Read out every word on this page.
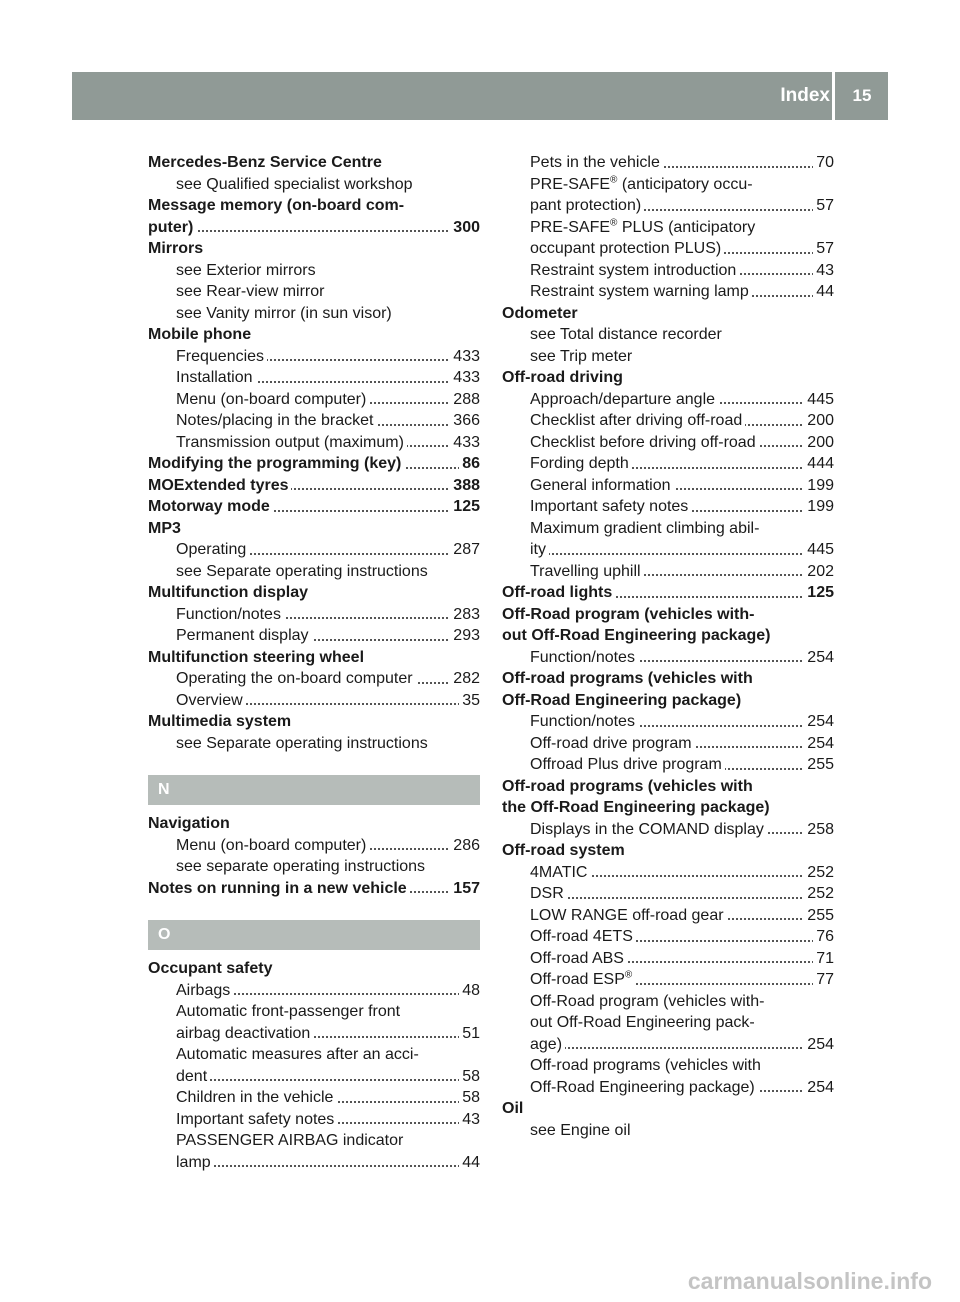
Index	15
Mercedes-Benz Service Centre
see Qualified specialist workshop
Message memory (on-board com-
puter)	300
Mirrors
see Exterior mirrors
see Rear-view mirror
see Vanity mirror (in sun visor)
Mobile phone
Frequencies	433
Installation	433
Menu (on-board computer)	288
Notes/placing in the bracket	366
Transmission output (maximum)	433
Modifying the programming (key)	86
MOExtended tyres	388
Motorway mode	125
MP3
Operating	287
see Separate operating instructions
Multifunction display
Function/notes	283
Permanent display	293
Multifunction steering wheel
Operating the on-board computer	282
Overview	35
Multimedia system
see Separate operating instructions
N
Navigation
Menu (on-board computer)	286
see separate operating instructions
Notes on running in a new vehicle	157
O
Occupant safety
Airbags	48
Automatic front-passenger front
airbag deactivation	51
Automatic measures after an acci-
dent	58
Children in the vehicle	58
Important safety notes	43
PASSENGER AIRBAG indicator
lamp	44
Pets in the vehicle	70
PRE-SAFE® (anticipatory occu-
pant protection)	57
PRE-SAFE® PLUS (anticipatory
occupant protection PLUS)	57
Restraint system introduction	43
Restraint system warning lamp	44
Odometer
see Total distance recorder
see Trip meter
Off-road driving
Approach/departure angle	445
Checklist after driving off-road	200
Checklist before driving off-road	200
Fording depth	444
General information	199
Important safety notes	199
Maximum gradient climbing abil-
ity	445
Travelling uphill	202
Off-road lights	125
Off-Road program (vehicles with-
out Off-Road Engineering package)
Function/notes	254
Off-road programs (vehicles with
Off-Road Engineering package)
Function/notes	254
Off-road drive program	254
Offroad Plus drive program	255
Off-road programs (vehicles with
the Off-Road Engineering package)
Displays in the COMAND display	258
Off-road system
4MATIC	252
DSR	252
LOW RANGE off-road gear	255
Off-road 4ETS	76
Off-road ABS	71
Off-road ESP®	77
Off-Road program (vehicles with-
out Off-Road Engineering pack-
age)	254
Off-road programs (vehicles with
Off-Road Engineering package)	254
Oil
see Engine oil
carmanualsonline.info
